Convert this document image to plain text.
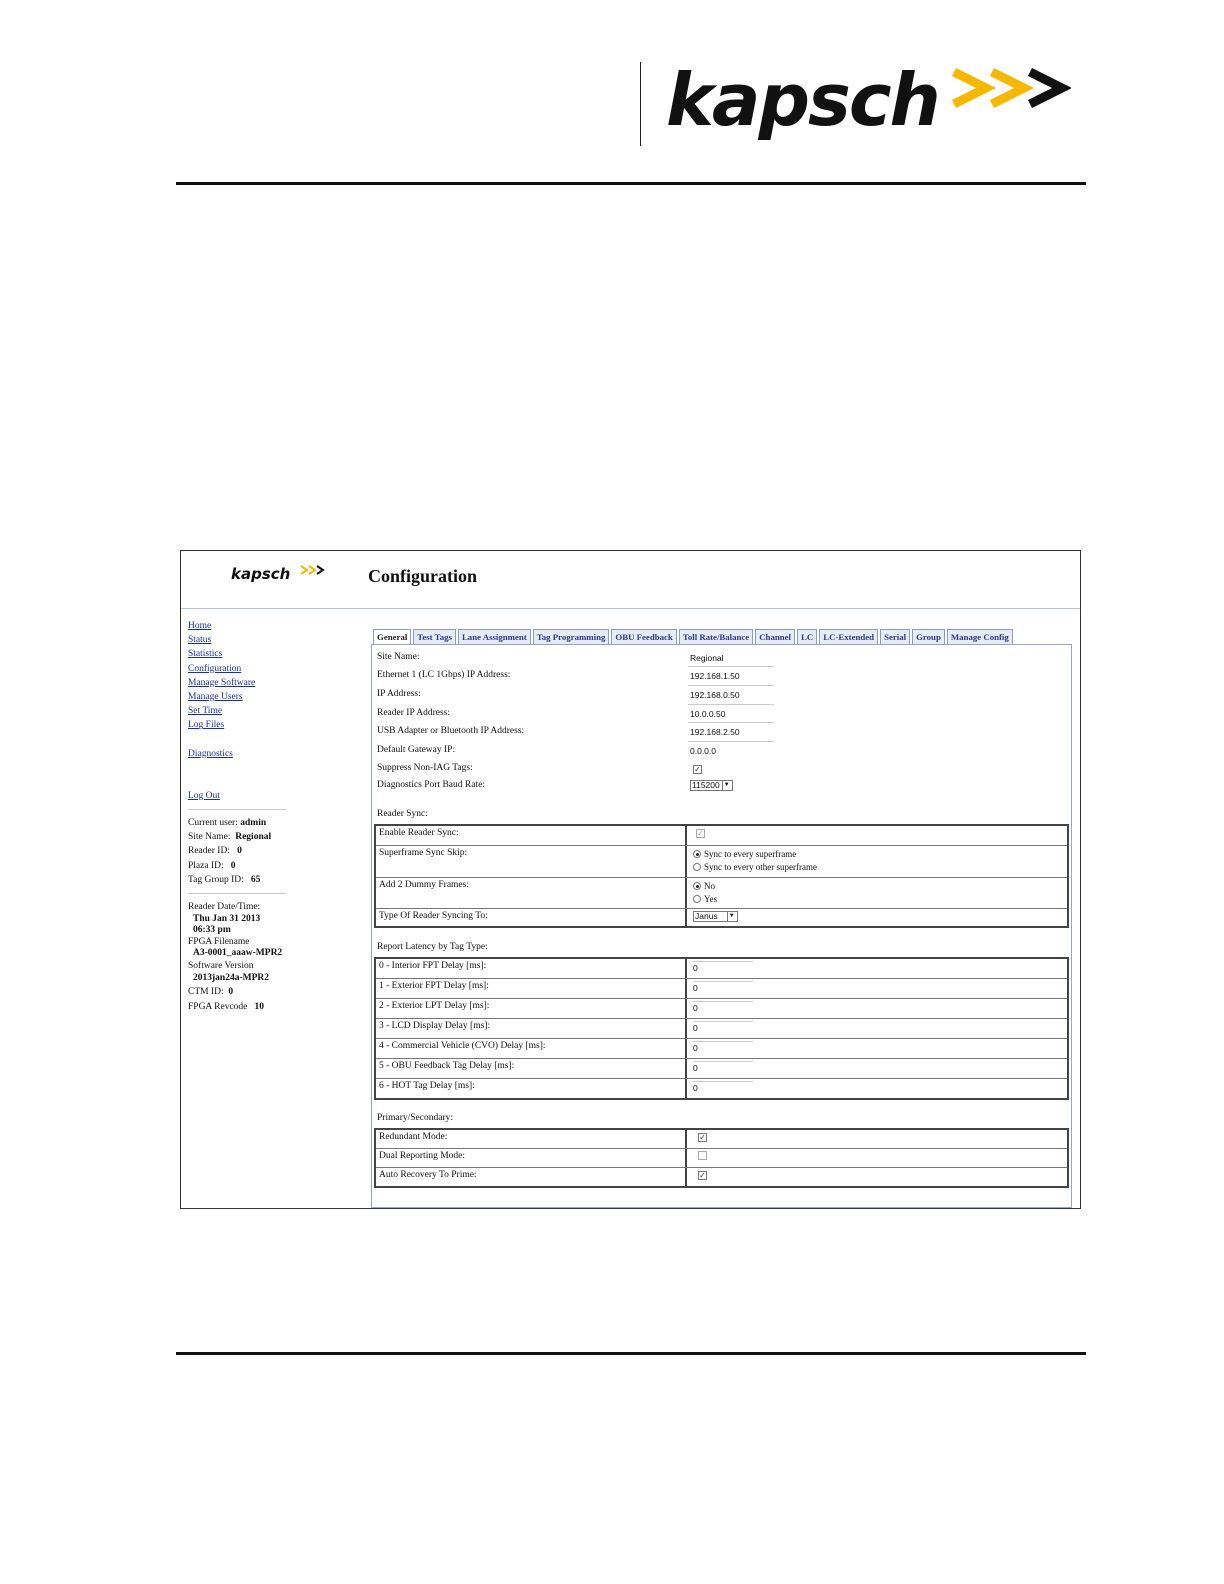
kapsch
kapsch	Configuration
Home
Status
Statistics
Configuration
Manage Software
Manage Users
Set Time
Log Files
Diagnostics
Log Out
Current user: admin
Site Name: Regional
Reader ID: 0
Plaza ID: 0
Tag Group ID: 65
Reader Date/Time:
Thu Jan 31 2013
06:33 pm
FPGA Filename
A3-0001_aaaw-MPR2
Software Version
2013jan24a-MPR2
CTM ID: 0
FPGA Revcode 10
General	Test Tags	Lane Assignment	Tag Programming	OBU Feedback	Toll Rate/Balance	Channel	LC	LC-Extended	Serial	Group	Manage Config
Site Name:	Regional
Ethernet 1 (LC 1Gbps) IP Address:	192.168.1.50
IP Address:	192.168.0.50
Reader IP Address:	10.0.0.50
USB Adapter or Bluetooth IP Address:	192.168.2.50
Default Gateway IP:	0.0.0.0
Suppress Non-IAG Tags:	✓
Diagnostics Port Baud Rate:	115200 ▼
Reader Sync:
Enable Reader Sync:	✓
Superframe Sync Skip:	Sync to every superframe
Sync to every other superframe
Add 2 Dummy Frames:	No
Yes
Type Of Reader Syncing To:	Janus ▼
Report Latency by Tag Type:
0 - Interior FPT Delay [ms]:	0
1 - Exterior FPT Delay [ms]:	0
2 - Exterior LPT Delay [ms]:	0
3 - LCD Display Delay [ms]:	0
4 - Commercial Vehicle (CVO) Delay [ms]:	0
5 - OBU Feedback Tag Delay [ms]:	0
6 - HOT Tag Delay [ms]:	0
Primary/Secondary:
Redundant Mode:	✓
Dual Reporting Mode:
Auto Recovery To Prime:	✓
